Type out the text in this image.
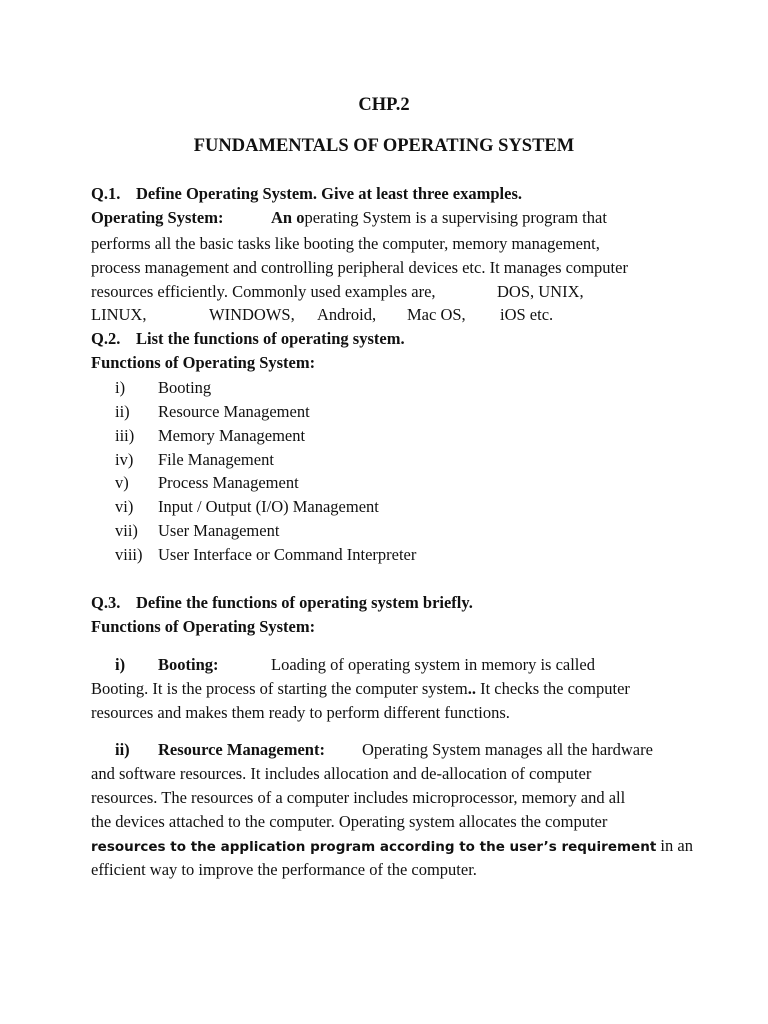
CHP.2
FUNDAMENTALS OF OPERATING SYSTEM
Q.1. Define Operating System. Give at least three examples.
Operating System:	An operating System is a supervising program that
performs all the basic tasks like booting the computer, memory management,
process management and controlling peripheral devices etc. It manages computer
resources efficiently. Commonly used examples are,	DOS, UNIX,
LINUX,	WINDOWS, Android, Mac OS, iOS etc.
Q.2. List the functions of operating system.
Functions of Operating System:
i) Booting
ii) Resource Management
iii) Memory Management
iv) File Management
v) Process Management
vi) Input / Output (I/O) Management
vii) User Management
viii) User Interface or Command Interpreter
Q.3. Define the functions of operating system briefly.
Functions of Operating System:
i) Booting:	Loading of operating system in memory is called
Booting. It is the process of starting the computer system.. It checks the computer
resources and makes them ready to perform different functions.
ii) Resource Management: Operating System manages all the hardware
and software resources. It includes allocation and de-allocation of computer
resources. The resources of a computer includes microprocessor, memory and all
the devices attached to the computer. Operating system allocates the computer
resources to the application program according to the user’s requirement in an
efficient way to improve the performance of the computer.
